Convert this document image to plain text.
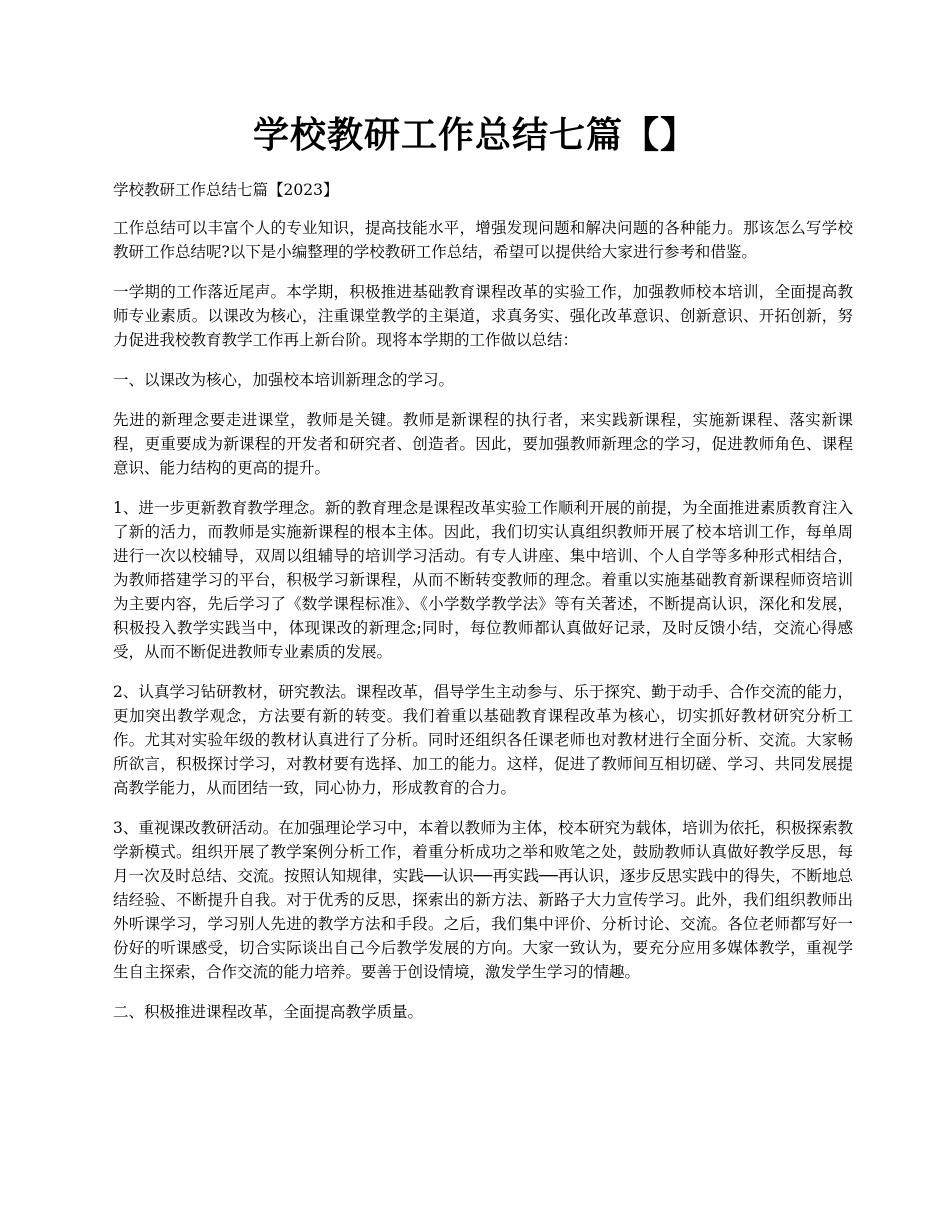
学校教研工作总结七篇【】

学校教研工作总结七篇【2023】

工作总结可以丰富个人的专业知识，提高技能水平，增强发现问题和解决问题的各种能力。那该怎么写学校教研工作总结呢?以下是小编整理的学校教研工作总结，希望可以提供给大家进行参考和借鉴。

一学期的工作落近尾声。本学期，积极推进基础教育课程改革的实验工作，加强教师校本培训，全面提高教师专业素质。以课改为核心，注重课堂教学的主渠道，求真务实、强化改革意识、创新意识、开拓创新，努力促进我校教育教学工作再上新台阶。现将本学期的工作做以总结：

一、以课改为核心，加强校本培训新理念的学习。

先进的新理念要走进课堂，教师是关键。教师是新课程的执行者，来实践新课程，实施新课程、落实新课程，更重要成为新课程的开发者和研究者、创造者。因此，要加强教师新理念的学习，促进教师角色、课程意识、能力结构的更高的提升。

1、进一步更新教育教学理念。新的教育理念是课程改革实验工作顺利开展的前提，为全面推进素质教育注入了新的活力，而教师是实施新课程的根本主体。因此，我们切实认真组织教师开展了校本培训工作，每单周进行一次以校辅导，双周以组辅导的培训学习活动。有专人讲座、集中培训、个人自学等多种形式相结合，为教师搭建学习的平台，积极学习新课程，从而不断转变教师的理念。着重以实施基础教育新课程师资培训为主要内容，先后学习了《数学课程标准》、《小学数学教学法》等有关著述，不断提高认识，深化和发展，积极投入教学实践当中，体现课改的新理念;同时，每位教师都认真做好记录，及时反馈小结，交流心得感受，从而不断促进教师专业素质的发展。

2、认真学习钻研教材，研究教法。课程改革，倡导学生主动参与、乐于探究、勤于动手、合作交流的能力，更加突出教学观念，方法要有新的转变。我们着重以基础教育课程改革为核心，切实抓好教材研究分析工作。尤其对实验年级的教材认真进行了分析。同时还组织各任课老师也对教材进行全面分析、交流。大家畅所欲言，积极探讨学习，对教材要有选择、加工的能力。这样，促进了教师间互相切磋、学习、共同发展提高教学能力，从而团结一致，同心协力，形成教育的合力。

3、重视课改教研活动。在加强理论学习中，本着以教师为主体，校本研究为载体，培训为依托，积极探索教学新模式。组织开展了教学案例分析工作，着重分析成功之举和败笔之处，鼓励教师认真做好教学反思，每月一次及时总结、交流。按照认知规律，实践──认识──再实践──再认识，逐步反思实践中的得失，不断地总结经验、不断提升自我。对于优秀的反思，探索出的新方法、新路子大力宣传学习。此外，我们组织教师出外听课学习，学习别人先进的教学方法和手段。之后，我们集中评价、分析讨论、交流。各位老师都写好一份好的听课感受，切合实际谈出自己今后教学发展的方向。大家一致认为，要充分应用多媒体教学，重视学生自主探索，合作交流的能力培养。要善于创设情境，激发学生学习的情趣。

二、积极推进课程改革，全面提高教学质量。
